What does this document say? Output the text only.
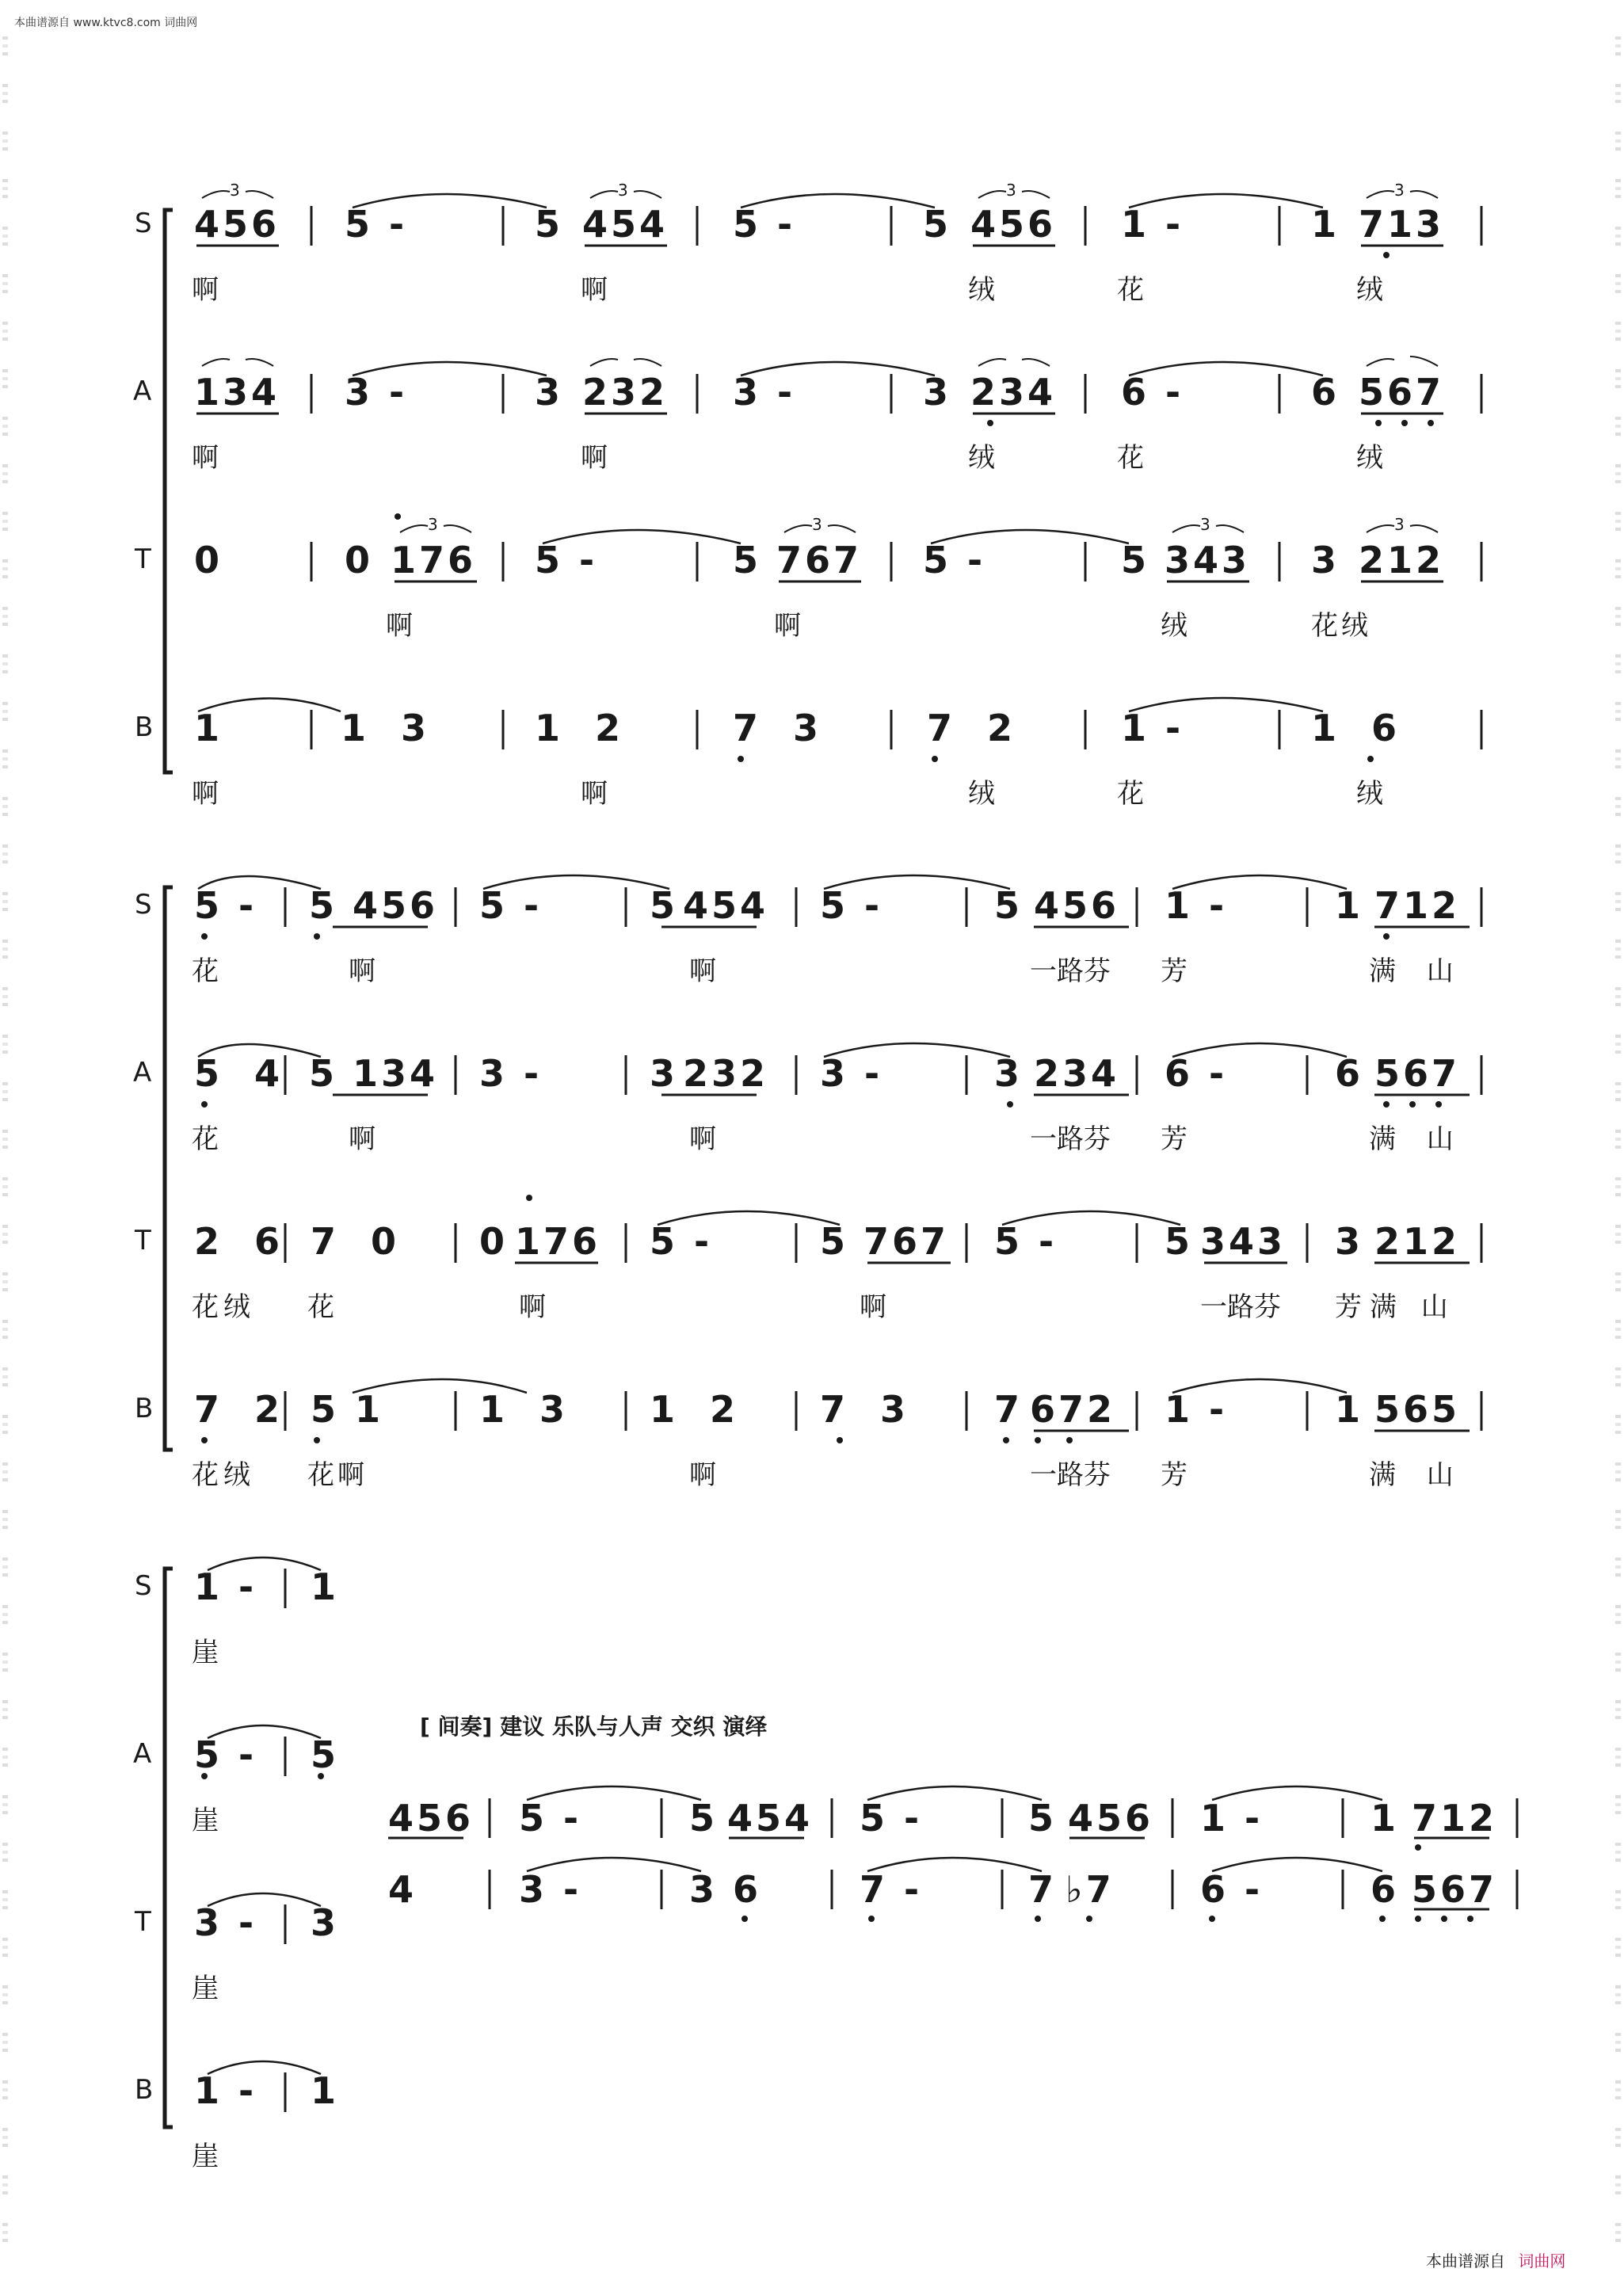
本曲谱源自 www.ktvc8.com 词曲网
3	3	3	3
3	3	3	3
S 456 5 -	5 454 5 -	5 456 1 -	1 713
啊	啊	绒	花	绒
A 134 3 -	3 232 3 -	3 234 6 -	6 567
啊	啊	绒	花	绒
T 0	0 176 5 -	5 767 5 -	5 343 3 212
啊	啊	绒	花绒
B 1	1 3	1 2	7 3	7 2	1 -	1 6
啊	啊	绒	花	绒
S 5 - 5 456 5 -	5 454 5 -	5 456 1 -	1 712
花	啊	啊	一路芬 芳	满 山
A 5 4 5 134 3 -	3 232 3 -	3 234 6 -	6 567
花	啊	啊	一路芬 芳	满 山
T 2 6 7 0 0 176 5 -	5 767 5 -	5 343 3 212
花绒 花	啊	啊	一路芬 芳满 山
B 7 2 5 1	1 3 1 2 7 3 7 672 1 -	1 565
花绒 花啊	啊	一路芬 芳	满 山
S 1 - 1
崖
A 5 - 5
崖
T 3 - 3
崖
B 1 - 1
崖
[ 间奏] 建议 乐队与人声 交织 演绎
456 5 -	5 454 5 -	5 456 1 -	1 712
4	3 -	3 6	7 -	7 ♭7 6 -	6 567
本曲谱源自 词曲网
